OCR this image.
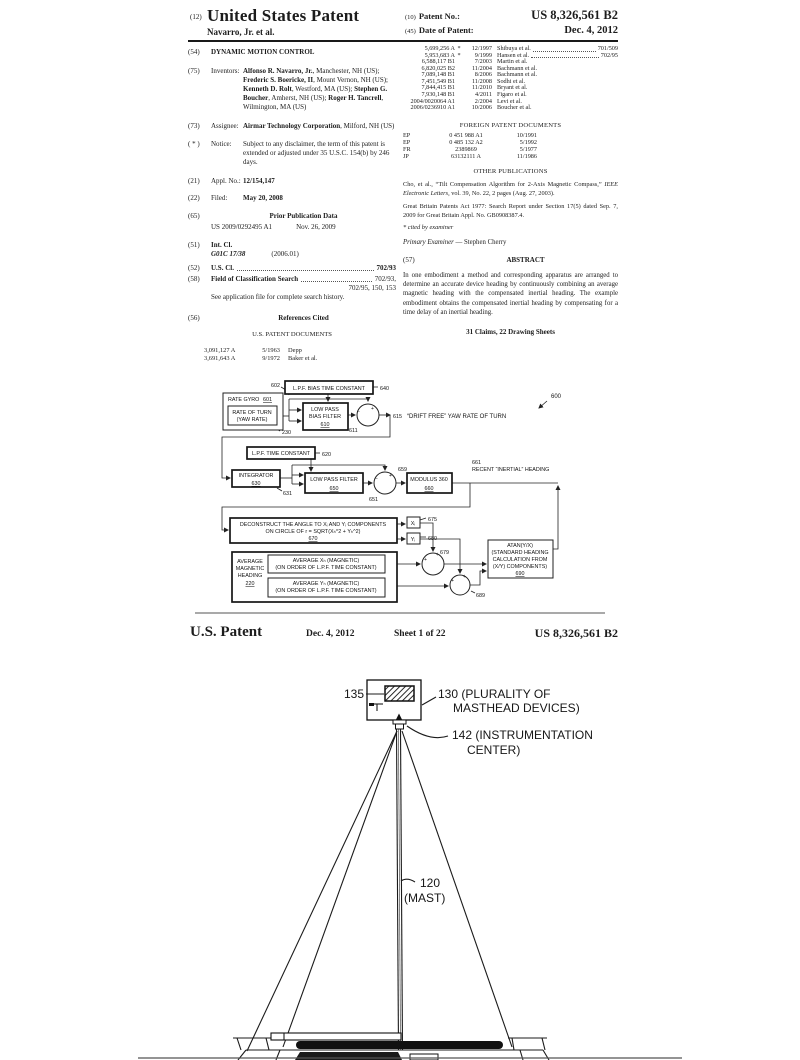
(12) United States Patent
Navarro, Jr. et al.
(10) Patent No.:	US 8,326,561 B2
(45) Date of Patent:	Dec. 4, 2012
(54)	DYNAMIC MOTION CONTROL
(75)	Inventors: Alfonso R. Navarro, Jr., Manchester, NH (US); Frederic S. Boericke, II, Mount Vernon, NH (US); Kenneth D. Rolt, Westford, MA (US); Stephen G. Boucher, Amherst, NH (US); Roger H. Tancrell, Wilmington, MA (US)
(73)	Assignee: Airmar Technology Corporation, Milford, NH (US)
( * )	Notice:	Subject to any disclaimer, the term of this patent is extended or adjusted under 35 U.S.C. 154(b) by 246 days.
(21)	Appl. No.: 12/154,147
(22)	Filed:	May 20, 2008
(65)	Prior Publication Data
US 2009/0292495 A1	Nov. 26, 2009
(51)	Int. Cl.
G01C 17/38	(2006.01)
(52)	U.S. Cl.	702/93
(58)	Field of Classification Search	702/93,
702/95, 150, 153
See application file for complete search history.
(56)	References Cited
U.S. PATENT DOCUMENTS
3,091,127 A	5/1963 Depp
3,691,643 A	9/1972 Baker et al.
5,699,256 A *	12/1997 Shibuya et al.	701/509
5,953,683 A *	9/1999 Hansen et al.	702/95
6,588,117 B1	7/2003 Martin et al.
6,820,025 B2	11/2004 Bachmann et al.
7,089,148 B1	8/2006 Bachmann et al.
7,451,549 B1	11/2008 Sodhi et al.
7,844,415 B1	11/2010 Bryant et al.
7,930,148 B1	4/2011 Figaro et al.
2004/0020064 A1	2/2004 Levi et al.
2006/0236910 A1	10/2006 Boucher et al.
FOREIGN PATENT DOCUMENTS
EP	0 451 988 A1	10/1991
EP	0 485 132 A2	5/1992
FR	2389869	5/1977
JP	63132111 A	11/1986
OTHER PUBLICATIONS

Cho, et al., “Tilt Compensation Algorithm for 2-Axis Magnetic Compass,” IEEE Electronic Letters, vol. 39, No. 22, 2 pages (Aug. 27, 2003).

Great Britain Patents Act 1977: Search Report under Section 17(5) dated Sep. 7, 2009 for Great Britain Appl. No. GB0908387.4.

* cited by examiner
Primary Examiner — Stephen Cherry
(57)	ABSTRACT

In one embodiment a method and corresponding apparatus are arranged to determine an accurate device heading by continuously combining an average magnetic heading with the compensated inertial heading. The example embodiment obtains the compensated inertial heading by compensating for a time delay of an inertial heading.

31 Claims, 22 Drawing Sheets
L.P.F. BIAS TIME CONSTANT
602	640
RATE GYRO 601
RATE OF TURN
(YAW RATE)
230
LOW PASS
BIAS FILTER
610
611
615 “DRIFT FREE” YAW RATE OF TURN
600
L.P.F. TIME CONSTANT 620
INTEGRATOR
630
631
LOW PASS FILTER
650
651
659
MODULUS 360
660
661
RECENT “INERTIAL” HEADING
DECONSTRUCT THE ANGLE TO Xᵢ AND Yᵢ COMPONENTS
ON CIRCLE OF r = SQRT(Xₕ^2 + Yₕ^2)
670
Xᵢ
Yᵢ
675
680
AVERAGE
MAGNETIC
HEADING
220
AVERAGE Xₕ (MAGNETIC)
(ON ORDER OF L.P.F. TIME CONSTANT)
AVERAGE Yₕ (MAGNETIC)
(ON ORDER OF L.P.F. TIME CONSTANT)
679
689
ATAN(Y/X)
(STANDARD HEADING
CALCULATION FROM
(X/Y) COMPONENTS)
690
+
−
+
−
+
+
+
+
U.S. Patent	Dec. 4, 2012	Sheet 1 of 22	US 8,326,561 B2
135	130 (PLURALITY OF
MASTHEAD DEVICES)
142 (INSTRUMENTATION
CENTER)
120
(MAST)
